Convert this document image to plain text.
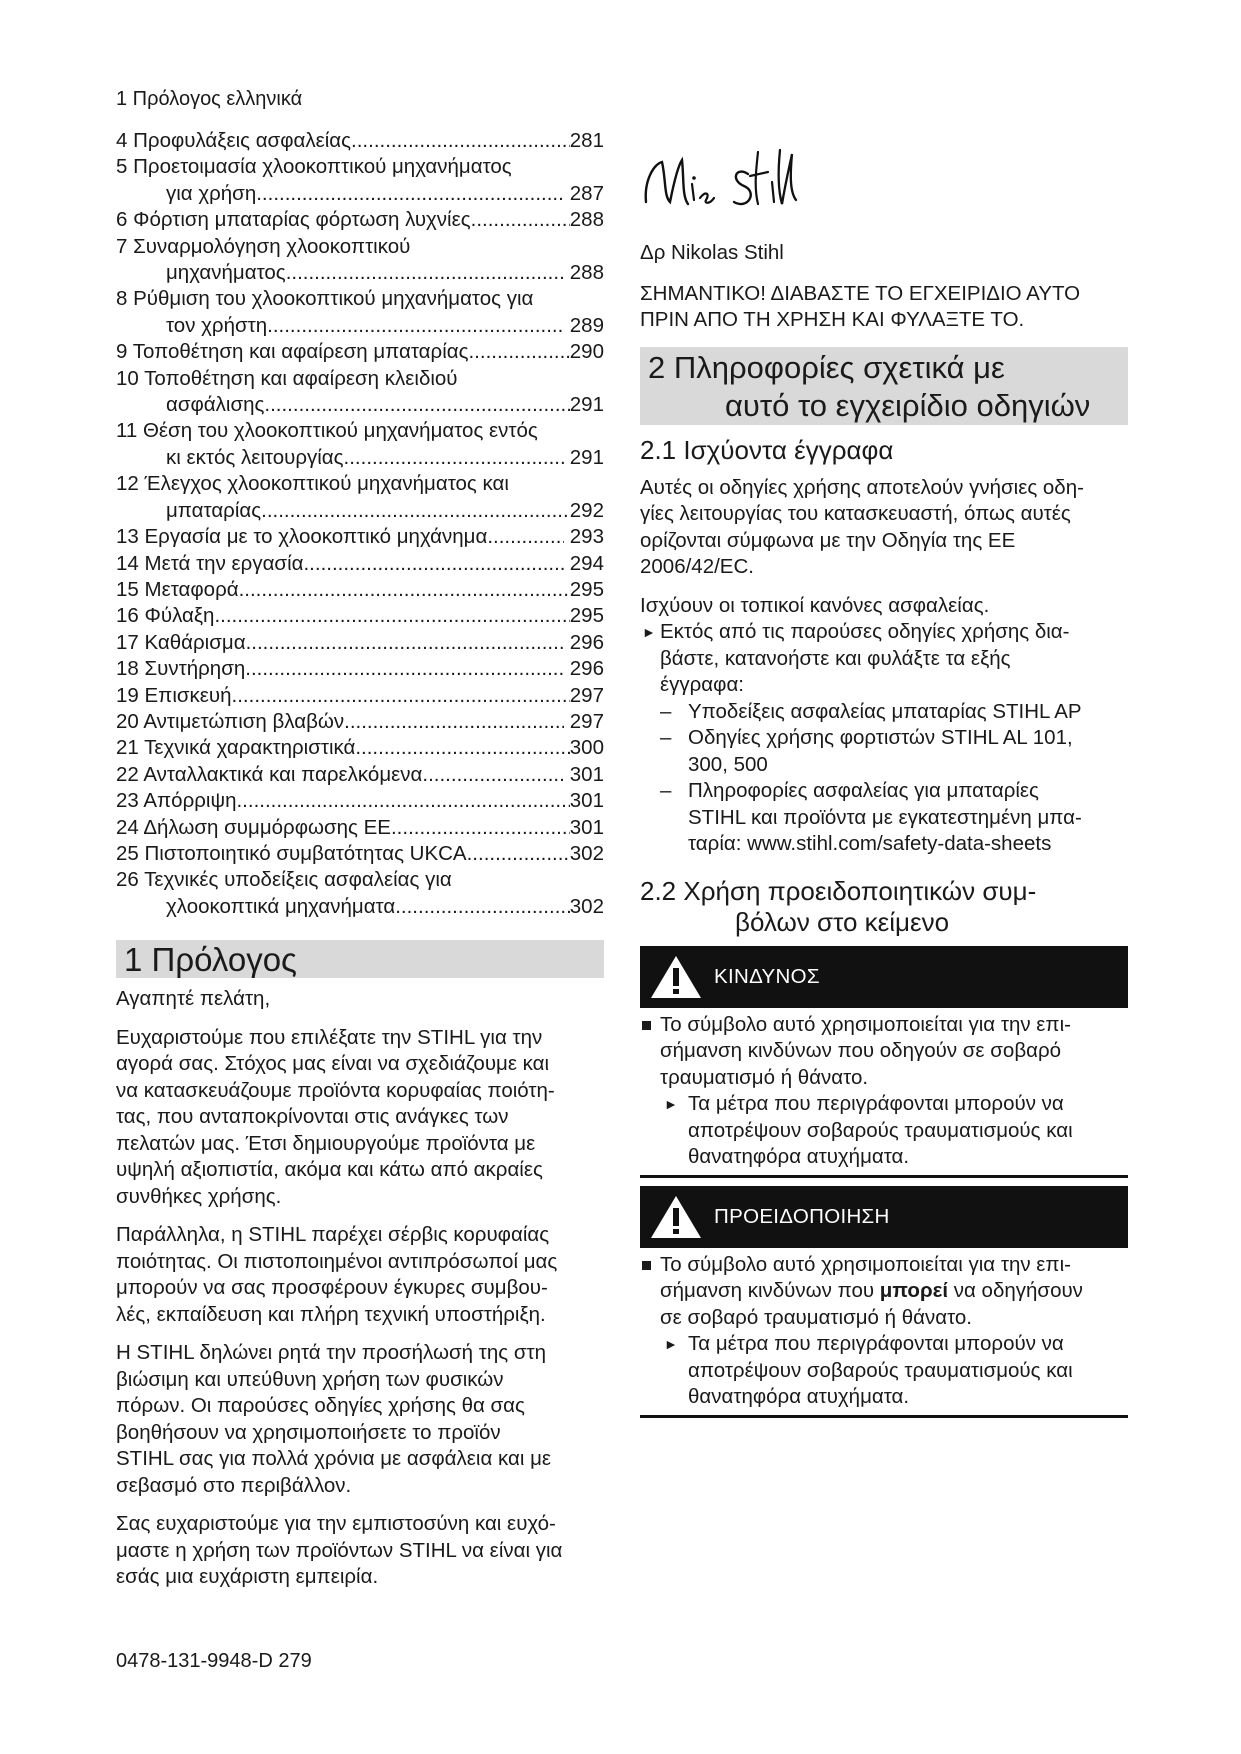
1 Πρόλογος ελληνικά
4 Προφυλάξεις ασφαλείας .....	281
5 Προετοιμασία χλοοκοπτικού μηχανήματος
για χρήση .....	287
6 Φόρτιση μπαταρίας φόρτωση λυχνίες .....	288
7 Συναρμολόγηση χλοοκοπτικού
μηχανήματος .....	288
8 Ρύθμιση του χλοοκοπτικού μηχανήματος για
τον χρήστη .....	289
9 Τοποθέτηση και αφαίρεση μπαταρίας .....	290
10 Τοποθέτηση και αφαίρεση κλειδιού
ασφάλισης .....	291
11 Θέση του χλοοκοπτικού μηχανήματος εντός
κι εκτός λειτουργίας .....	291
12 Έλεγχος χλοοκοπτικού μηχανήματος και
μπαταρίας .....	292
13 Εργασία με το χλοοκοπτικό μηχάνημα .....	293
14 Μετά την εργασία .....	294
15 Μεταφορά .....	295
16 Φύλαξη .....	295
17 Καθάρισμα .....	296
18 Συντήρηση .....	296
19 Επισκευή .....	297
20 Αντιμετώπιση βλαβών .....	297
21 Τεχνικά χαρακτηριστικά .....	300
22 Ανταλλακτικά και παρελκόμενα .....	301
23 Απόρριψη .....	301
24 Δήλωση συμμόρφωσης ΕΕ .....	301
25 Πιστοποιητικό συμβατότητας UKCA .....	302
26 Τεχνικές υποδείξεις ασφαλείας για
χλοοκοπτικά μηχανήματα .....	302
1 Πρόλογος

Αγαπητέ πελάτη,

Ευχαριστούμε που επιλέξατε την STIHL για την
αγορά σας. Στόχος μας είναι να σχεδιάζουμε και
να κατασκευάζουμε προϊόντα κορυφαίας ποιότη-
τας, που ανταποκρίνονται στις ανάγκες των
πελατών μας. Έτσι δημιουργούμε προϊόντα με
υψηλή αξιοπιστία, ακόμα και κάτω από ακραίες
συνθήκες χρήσης.
Παράλληλα, η STIHL παρέχει σέρβις κορυφαίας
ποιότητας. Οι πιστοποιημένοι αντιπρόσωποί μας
μπορούν να σας προσφέρουν έγκυρες συμβου-
λές, εκπαίδευση και πλήρη τεχνική υποστήριξη.
Η STIHL δηλώνει ρητά την προσήλωσή της στη
βιώσιμη και υπεύθυνη χρήση των φυσικών
πόρων. Οι παρούσες οδηγίες χρήσης θα σας
βοηθήσουν να χρησιμοποιήσετε το προϊόν
STIHL σας για πολλά χρόνια με ασφάλεια και με
σεβασμό στο περιβάλλον.
Σας ευχαριστούμε για την εμπιστοσύνη και ευχό-
μαστε η χρήση των προϊόντων STIHL να είναι για
εσάς μια ευχάριστη εμπειρία.

Δρ Nikolas Stihl

ΣΗΜΑΝΤΙΚΟ! ΔΙΑΒΑΣΤΕ ΤΟ ΕΓΧΕΙΡΙΔΙΟ ΑΥΤΟ
ΠΡΙΝ ΑΠΟ ΤΗ ΧΡΗΣΗ ΚΑΙ ΦΥΛΑΞΤΕ ΤΟ.
2 Πληροφορίες σχετικά με
αυτό το εγχειρίδιο οδηγιών
2.1 Ισχύοντα έγγραφα
Αυτές οι οδηγίες χρήσης αποτελούν γνήσιες οδη-
γίες λειτουργίας του κατασκευαστή, όπως αυτές
ορίζονται σύμφωνα με την Οδηγία της ΕΕ
2006/42/EC.

Ισχύουν οι τοπικοί κανόνες ασφαλείας.

► Εκτός από τις παρούσες οδηγίες χρήσης δια-
βάστε, κατανοήστε και φυλάξτε τα εξής
έγγραφα:
– Υποδείξεις ασφαλείας μπαταρίας STIHL AP
– Οδηγίες χρήσης φορτιστών STIHL AL 101,
300, 500
– Πληροφορίες ασφαλείας για μπαταρίες
STIHL και προϊόντα με εγκατεστημένη μπα-
ταρία: www.stihl.com/safety-data-sheets
2.2 Χρήση προειδοποιητικών συμ-
βόλων στο κείμενο
ΚΙΝΔΥΝΟΣ
Το σύμβολο αυτό χρησιμοποιείται για την επι-
σήμανση κινδύνων που οδηγούν σε σοβαρό
τραυματισμό ή θάνατο.
► Τα μέτρα που περιγράφονται μπορούν να
αποτρέψουν σοβαρούς τραυματισμούς και
θανατηφόρα ατυχήματα.
ΠΡΟΕΙΔΟΠΟΙΗΣΗ
Το σύμβολο αυτό χρησιμοποιείται για την επι-
σήμανση κινδύνων που μπορεί να οδηγήσουν
σε σοβαρό τραυματισμό ή θάνατο.
► Τα μέτρα που περιγράφονται μπορούν να
αποτρέψουν σοβαρούς τραυματισμούς και
θανατηφόρα ατυχήματα.
0478-131-9948-D 279
